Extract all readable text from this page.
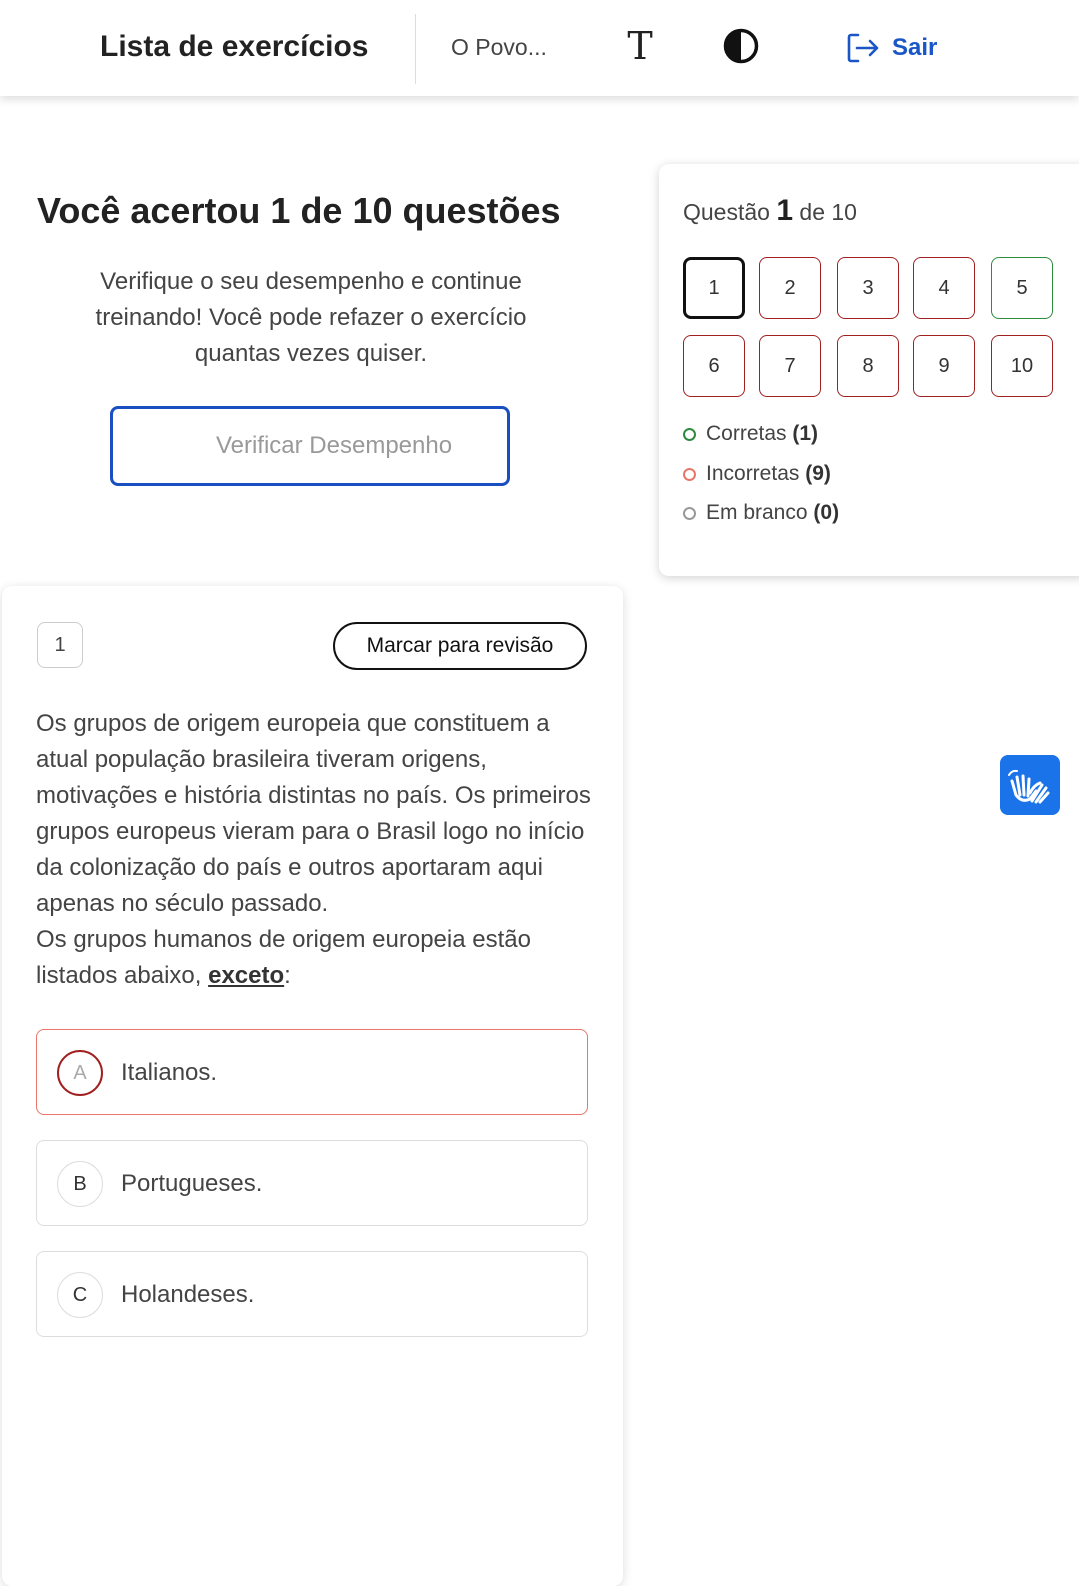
Lista de exercícios	O Povo... T	Sair
Você acertou 1 de 10 questões
Verifique o seu desempenho e continue treinando! Você pode refazer o exercício quantas vezes quiser.
Verificar Desempenho
Questão 1 de 10
1	2	3	4	5
6	7	8	9	10
Corretas (1)
Incorretas (9)
Em branco (0)
1	Marcar para revisão
Os grupos de origem europeia que constituem a atual população brasileira tiveram origens, motivações e história distintas no país. Os primeiros grupos europeus vieram para o Brasil logo no início da colonização do país e outros aportaram aqui apenas no século passado.
Os grupos humanos de origem europeia estão listados abaixo, exceto:
A	Italianos.
B	Portugueses.
C	Holandeses.
